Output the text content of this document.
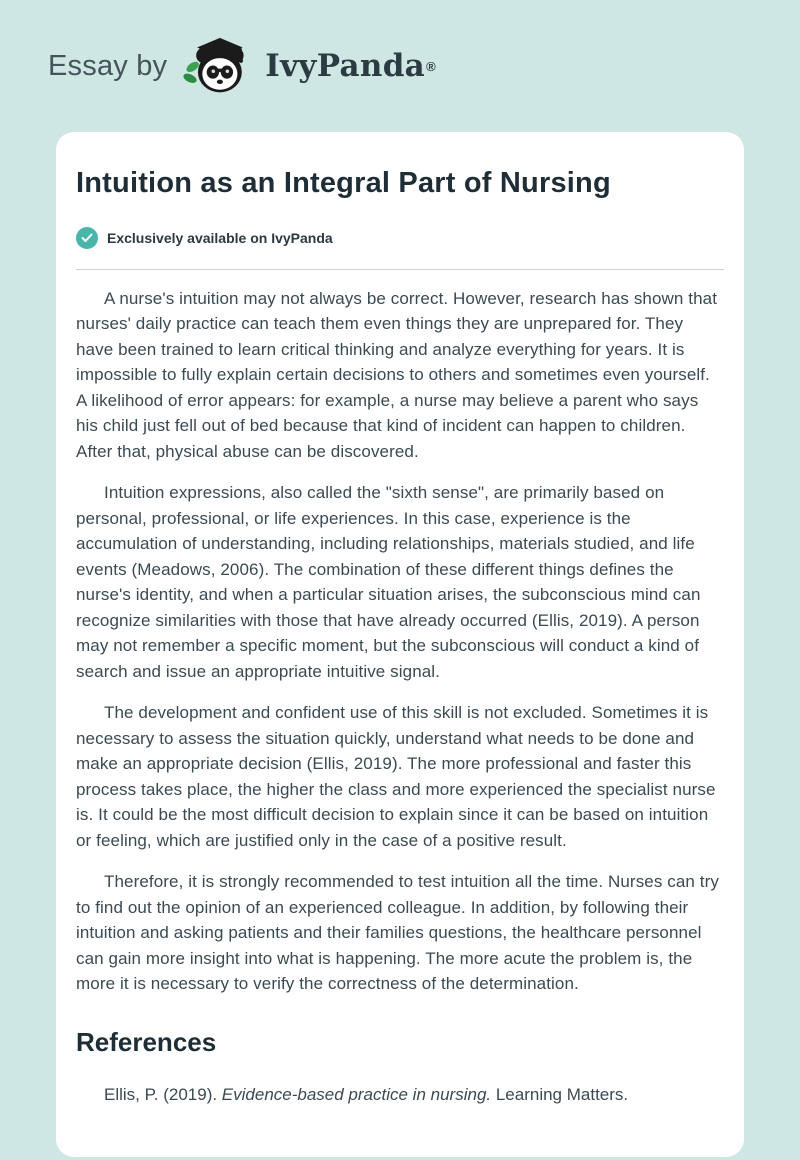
Essay by	IvyPanda ®
Intuition as an Integral Part of Nursing
Exclusively available on IvyPanda

A nurse's intuition may not always be correct. However, research has shown that nurses' daily practice can teach them even things they are unprepared for. They have been trained to learn critical thinking and analyze everything for years. It is impossible to fully explain certain decisions to others and sometimes even yourself. A likelihood of error appears: for example, a nurse may believe a parent who says his child just fell out of bed because that kind of incident can happen to children. After that, physical abuse can be discovered.

Intuition expressions, also called the "sixth sense", are primarily based on personal, professional, or life experiences. In this case, experience is the accumulation of understanding, including relationships, materials studied, and life events (Meadows, 2006). The combination of these different things defines the nurse's identity, and when a particular situation arises, the subconscious mind can recognize similarities with those that have already occurred (Ellis, 2019). A person may not remember a specific moment, but the subconscious will conduct a kind of search and issue an appropriate intuitive signal.

The development and confident use of this skill is not excluded. Sometimes it is necessary to assess the situation quickly, understand what needs to be done and make an appropriate decision (Ellis, 2019). The more professional and faster this process takes place, the higher the class and more experienced the specialist nurse is. It could be the most difficult decision to explain since it can be based on intuition or feeling, which are justified only in the case of a positive result.

Therefore, it is strongly recommended to test intuition all the time. Nurses can try to find out the opinion of an experienced colleague. In addition, by following their intuition and asking patients and their families questions, the healthcare personnel can gain more insight into what is happening. The more acute the problem is, the more it is necessary to verify the correctness of the determination.

References

Ellis, P. (2019). Evidence-based practice in nursing. Learning Matters.
